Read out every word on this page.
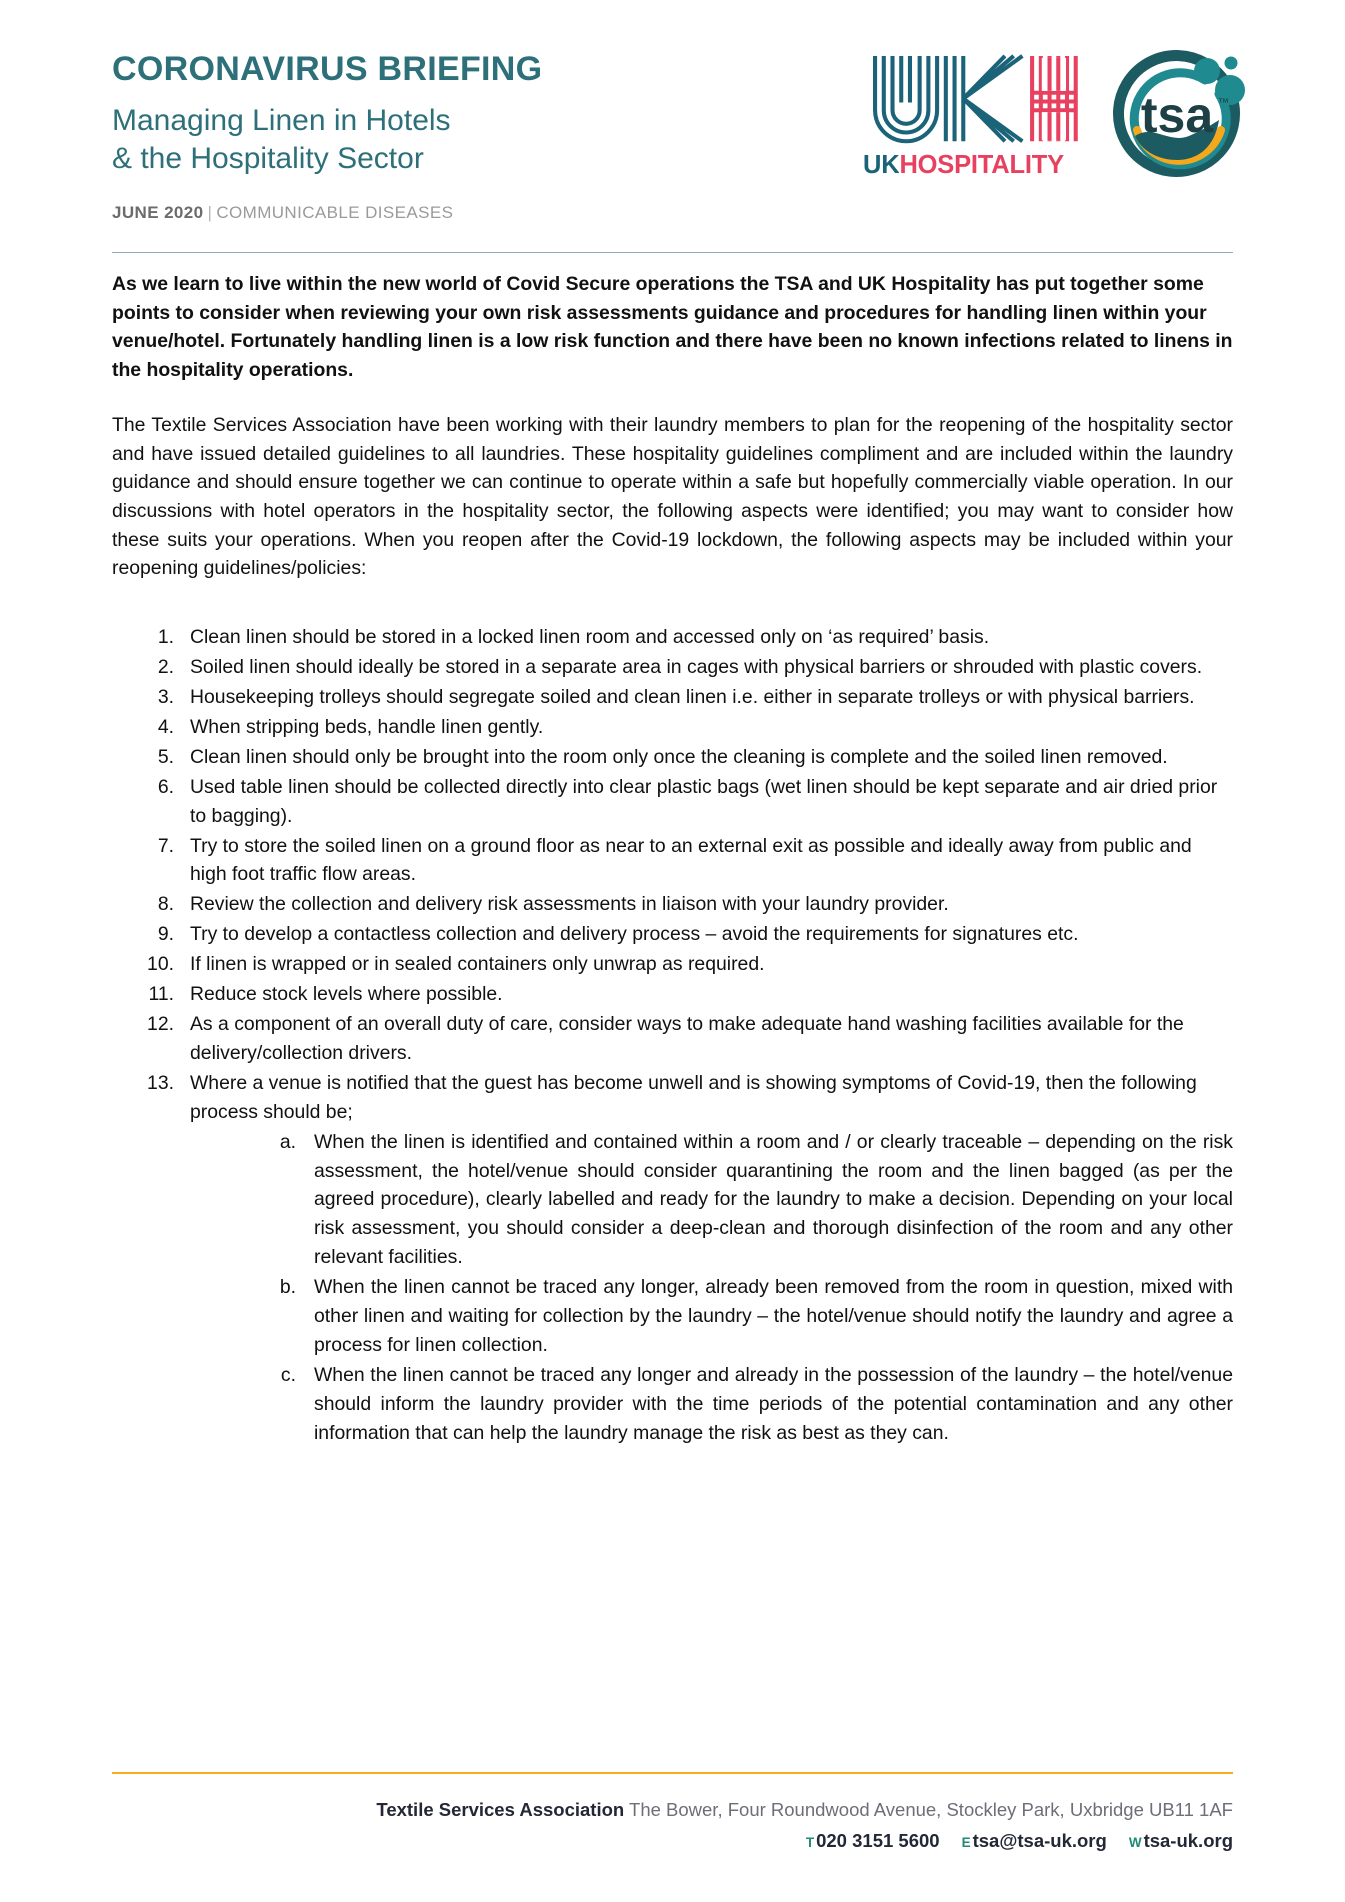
CORONAVIRUS BRIEFING
Managing Linen in Hotels
& the Hospitality Sector
JUNE 2020 | COMMUNICABLE DISEASES
UKHOSPITALITY
tsa ™

As we learn to live within the new world of Covid Secure operations the TSA and UK Hospitality has put together some points to consider when reviewing your own risk assessments guidance and procedures for handling linen within your venue/hotel. Fortunately handling linen is a low risk function and there have been no known infections related to linens in the hospitality operations.

The Textile Services Association have been working with their laundry members to plan for the reopening of the hospitality sector and have issued detailed guidelines to all laundries. These hospitality guidelines compliment and are included within the laundry guidance and should ensure together we can continue to operate within a safe but hopefully commercially viable operation. In our discussions with hotel operators in the hospitality sector, the following aspects were identified; you may want to consider how these suits your operations. When you reopen after the Covid-19 lockdown, the following aspects may be included within your reopening guidelines/policies:

Clean linen should be stored in a locked linen room and accessed only on ‘as required’ basis.
Soiled linen should ideally be stored in a separate area in cages with physical barriers or shrouded with plastic covers.
Housekeeping trolleys should segregate soiled and clean linen i.e. either in separate trolleys or with physical barriers.
When stripping beds, handle linen gently.
Clean linen should only be brought into the room only once the cleaning is complete and the soiled linen removed.
Used table linen should be collected directly into clear plastic bags (wet linen should be kept separate and air dried prior to bagging).
Try to store the soiled linen on a ground floor as near to an external exit as possible and ideally away from public and high foot traffic flow areas.
Review the collection and delivery risk assessments in liaison with your laundry provider.
Try to develop a contactless collection and delivery process – avoid the requirements for signatures etc.
If linen is wrapped or in sealed containers only unwrap as required.
Reduce stock levels where possible.
As a component of an overall duty of care, consider ways to make adequate hand washing facilities available for the delivery/collection drivers.
Where a venue is notified that the guest has become unwell and is showing symptoms of Covid-19, then the following process should be;
When the linen is identified and contained within a room and / or clearly traceable – depending on the risk assessment, the hotel/venue should consider quarantining the room and the linen bagged (as per the agreed procedure), clearly labelled and ready for the laundry to make a decision. Depending on your local risk assessment, you should consider a deep-clean and thorough disinfection of the room and any other relevant facilities.
When the linen cannot be traced any longer, already been removed from the room in question, mixed with other linen and waiting for collection by the laundry – the hotel/venue should notify the laundry and agree a process for linen collection.
When the linen cannot be traced any longer and already in the possession of the laundry – the hotel/venue should inform the laundry provider with the time periods of the potential contamination and any other information that can help the laundry manage the risk as best as they can.
Textile Services Association The Bower, Four Roundwood Avenue, Stockley Park, Uxbridge UB11 1AF
T 020 3151 5600 E tsa@tsa-uk.org W tsa-uk.org
